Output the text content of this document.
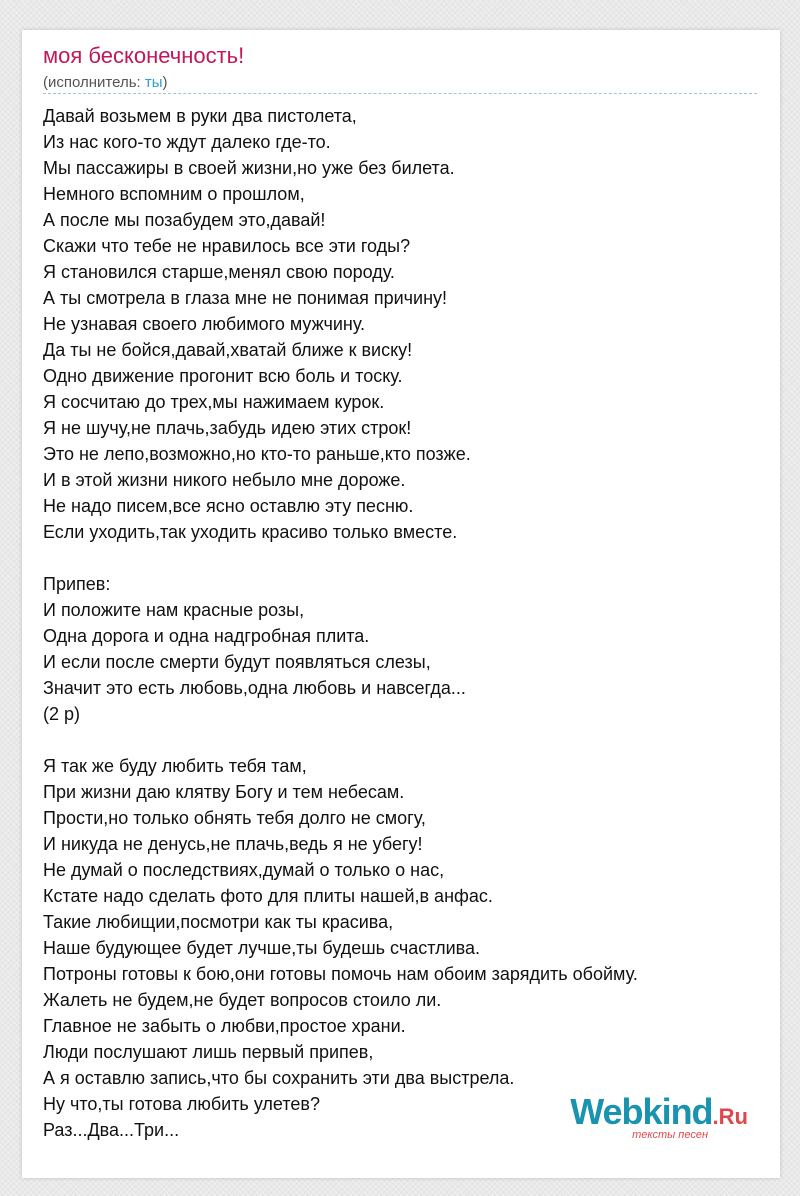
моя бесконечность!
(исполнитель: ты)
Давай возьмем в руки два пистолета,
Из нас кого-то ждут далеко где-то.
Мы пассажиры в своей жизни,но уже без билета.
Немного вспомним о прошлом,
А после мы позабудем это,давай!
Скажи что тебе не нравилось все эти годы?
Я становился старше,менял свою породу.
А ты смотрела в глаза мне не понимая причину!
Не узнавая своего любимого мужчину.
Да ты не бойся,давай,хватай ближе к виску!
Одно движение прогонит всю боль и тоску.
Я сосчитаю до трех,мы нажимаем курок.
Я не шучу,не плачь,забудь идею этих строк!
Это не лепо,возможно,но кто-то раньше,кто позже.
И в этой жизни никого небыло мне дороже.
Не надо писем,все ясно оставлю эту песню.
Если уходить,так уходить красиво только вместе.
Припев:
И положите нам красные розы,
Одна дорога и одна надгробная плита.
И если после смерти будут появляться слезы,
Значит это есть любовь,одна любовь и навсегда...
(2 р)
Я так же буду любить тебя там,
При жизни даю клятву Богу и тем небесам.
Прости,но только обнять тебя долго не смогу,
И никуда не денусь,не плачь,ведь я не убегу!
Не думай о последствиях,думай о только о нас,
Кстате надо сделать фото для плиты нашей,в анфас.
Такие любищии,посмотри как ты красива,
Наше будующее будет лучше,ты будешь счастлива.
Потроны готовы к бою,они готовы помочь нам обоим зарядить обойму.
Жалеть не будем,не будет вопросов стоило ли.
Главное не забыть о любви,простое храни.
Люди послушают лишь первый припев,
А я оставлю запись,что бы сохранить эти два выстрела.
Ну что,ты готова любить улетев?
Раз...Два...Три...	Webkind.Ru
тексты песен
